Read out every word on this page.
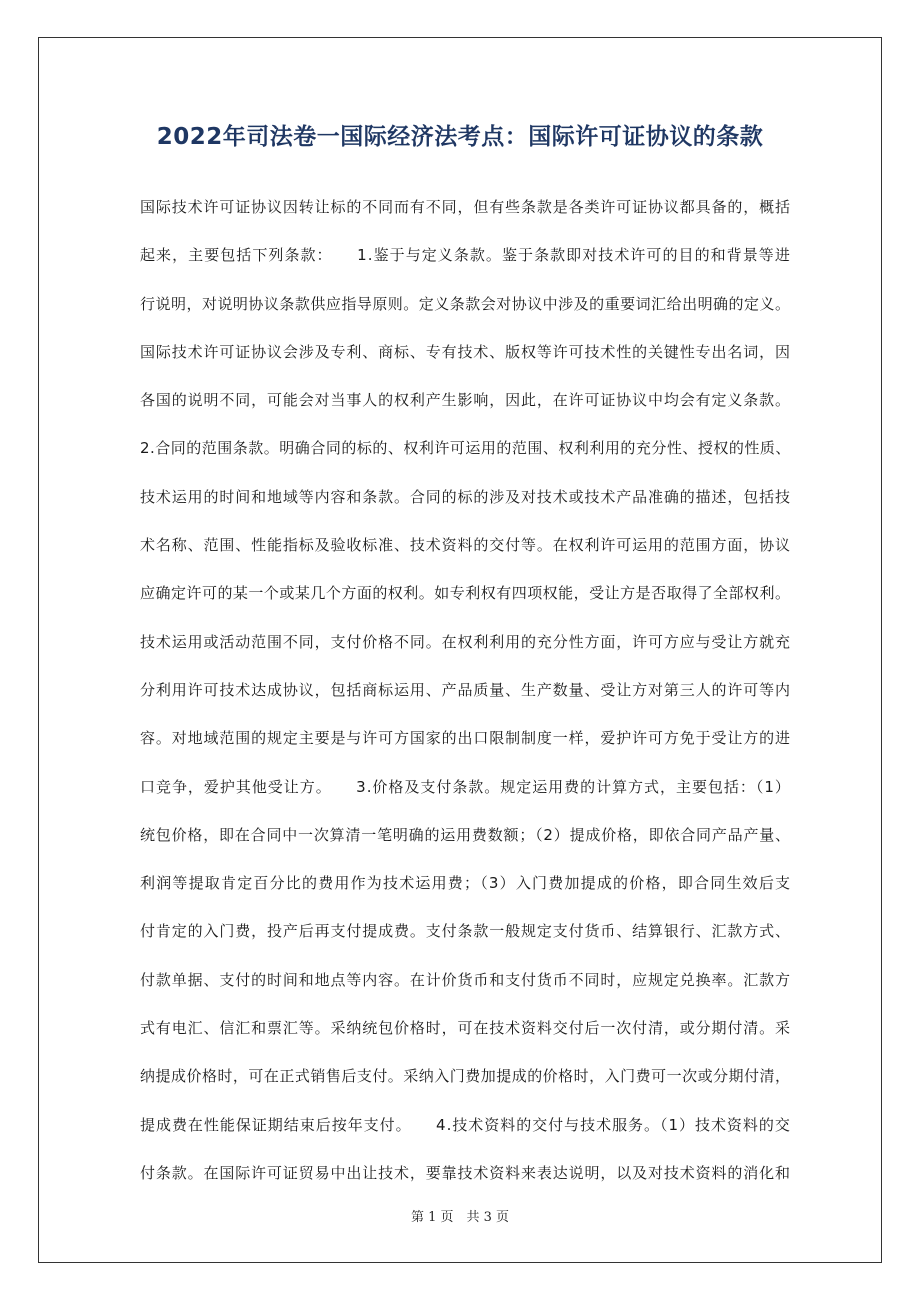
2022年司法卷一国际经济法考点：国际许可证协议的条款
国际技术许可证协议因转让标的不同而有不同，但有些条款是各类许可证协议都具备的，概括
起来，主要包括下列条款：　　1.鉴于与定义条款。鉴于条款即对技术许可的目的和背景等进
行说明，对说明协议条款供应指导原则。定义条款会对协议中涉及的重要词汇给出明确的定义。
国际技术许可证协议会涉及专利、商标、专有技术、版权等许可技术性的关键性专出名词，因
各国的说明不同，可能会对当事人的权利产生影响，因此，在许可证协议中均会有定义条款。
2.合同的范围条款。明确合同的标的、权利许可运用的范围、权利利用的充分性、授权的性质、
技术运用的时间和地域等内容和条款。合同的标的涉及对技术或技术产品准确的描述，包括技
术名称、范围、性能指标及验收标准、技术资料的交付等。在权利许可运用的范围方面，协议
应确定许可的某一个或某几个方面的权利。如专利权有四项权能，受让方是否取得了全部权利。
技术运用或活动范围不同，支付价格不同。在权利利用的充分性方面，许可方应与受让方就充
分利用许可技术达成协议，包括商标运用、产品质量、生产数量、受让方对第三人的许可等内
容。对地域范围的规定主要是与许可方国家的出口限制制度一样，爱护许可方免于受让方的进
口竞争，爱护其他受让方。　　3.价格及支付条款。规定运用费的计算方式，主要包括：（1）
统包价格，即在合同中一次算清一笔明确的运用费数额；（2）提成价格，即依合同产品产量、
利润等提取肯定百分比的费用作为技术运用费；（3）入门费加提成的价格，即合同生效后支
付肯定的入门费，投产后再支付提成费。支付条款一般规定支付货币、结算银行、汇款方式、
付款单据、支付的时间和地点等内容。在计价货币和支付货币不同时，应规定兑换率。汇款方
式有电汇、信汇和票汇等。采纳统包价格时，可在技术资料交付后一次付清，或分期付清。采
纳提成价格时，可在正式销售后支付。采纳入门费加提成的价格时，入门费可一次或分期付清，
提成费在性能保证期结束后按年支付。　　4.技术资料的交付与技术服务。（1）技术资料的交
付条款。在国际许可证贸易中出让技术，要靠技术资料来表达说明，以及对技术资料的消化和
第 1 页　共 3 页
